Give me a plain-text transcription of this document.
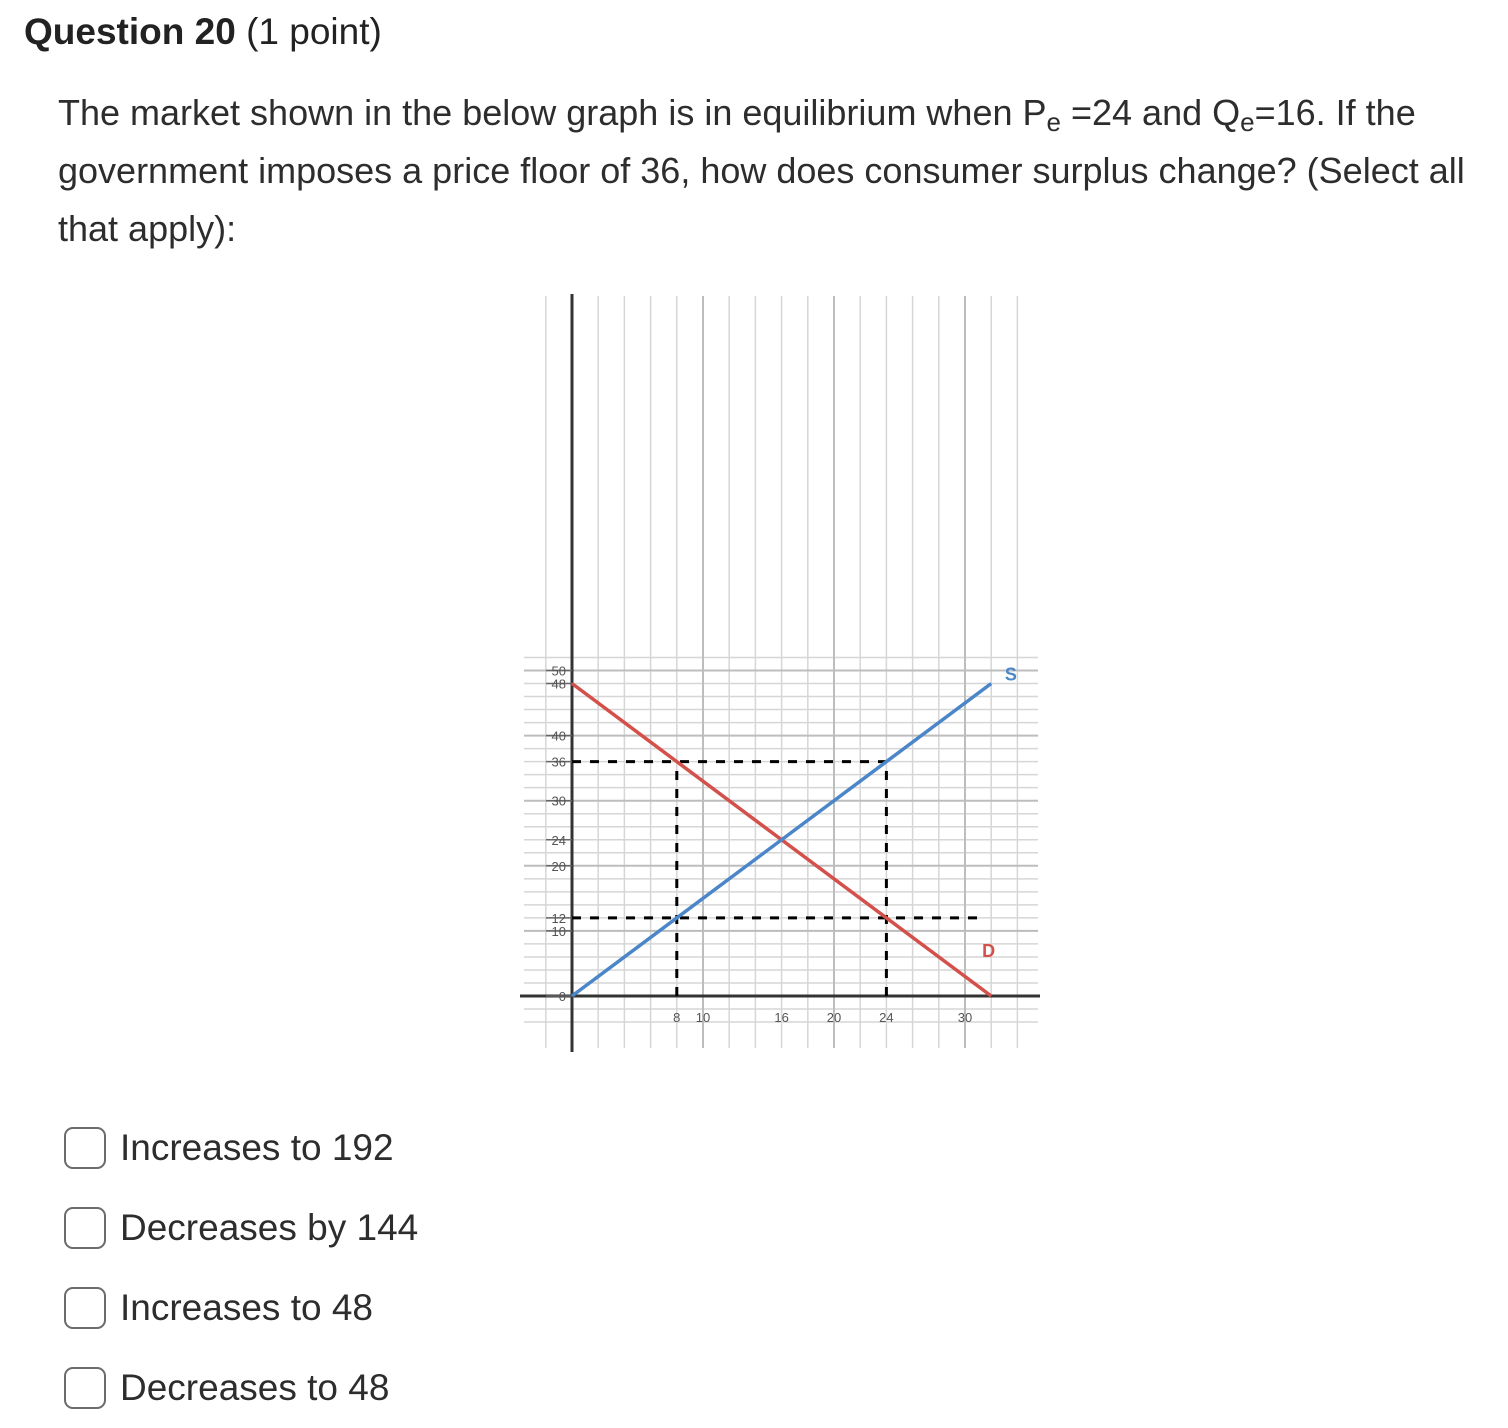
Question 20 (1 point)
The market shown in the below graph is in equilibrium when $P_e =24$ and $Q_e=16$. If the government imposes a price floor of 36, how does consumer surplus change? (Select all that apply):
0
10
12
20
24
30
36
40
48
50
8 10	16	20	24	30
S
D
Increases to 192
Decreases by 144
Increases to 48
Decreases to 48
